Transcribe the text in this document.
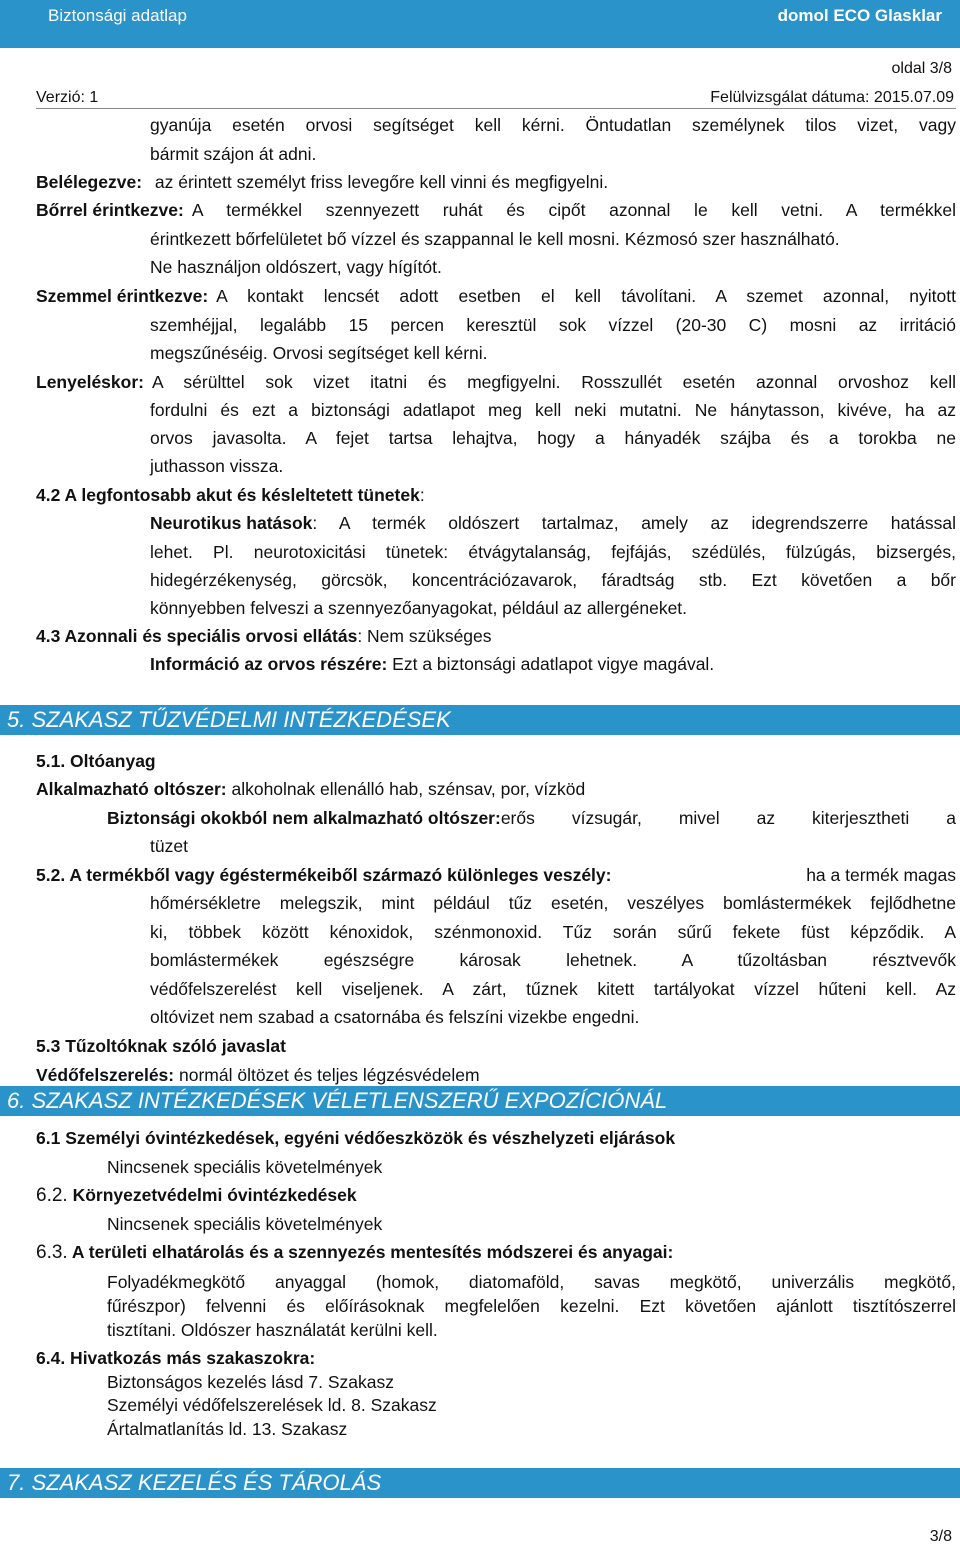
Biztonsági adatlap	domol ECO Glasklar
oldal 3/8
Verzió: 1	Felülvizsgálat dátuma: 2015.07.09
gyanúja esetén orvosi segítséget kell kérni. Öntudatlan személynek tilos vizet, vagy
bármit szájon át adni.
Belélegezve: az érintett személyt friss levegőre kell vinni és megfigyelni.
Bőrrel érintkezve: A termékkel szennyezett ruhát és cipőt azonnal le kell vetni. A termékkel
érintkezett bőrfelületet bő vízzel és szappannal le kell mosni. Kézmosó szer használható.
Ne használjon oldószert, vagy hígítót.
Szemmel érintkezve: A kontakt lencsét adott esetben el kell távolítani. A szemet azonnal, nyitott
szemhéjjal, legalább 15 percen keresztül sok vízzel (20-30 C) mosni az irritáció
megszűnéséig. Orvosi segítséget kell kérni.
Lenyeléskor: A sérülttel sok vizet itatni és megfigyelni. Rosszullét esetén azonnal orvoshoz kell
fordulni és ezt a biztonsági adatlapot meg kell neki mutatni. Ne hánytasson, kivéve, ha az
orvos javasolta. A fejet tartsa lehajtva, hogy a hányadék szájba és a torokba ne
juthasson vissza.
4.2 A legfontosabb akut és késleltetett tünetek:
Neurotikus hatások : A termék oldószert tartalmaz, amely az idegrendszerre hatással
lehet. Pl. neurotoxicitási tünetek: étvágytalanság, fejfájás, szédülés, fülzúgás, bizsergés,
hidegérzékenység, görcsök, koncentrációzavarok, fáradtság stb. Ezt követően a bőr
könnyebben felveszi a szennyezőanyagokat, például az allergéneket.
4.3 Azonnali és speciális orvosi ellátás: Nem szükséges
Információ az orvos részére: Ezt a biztonsági adatlapot vigye magával.
5. SZAKASZ TŰZVÉDELMI INTÉZKEDÉSEK
5.1. Oltóanyag
Alkalmazható oltószer: alkoholnak ellenálló hab, szénsav, por, vízköd
Biztonsági okokból nem alkalmazható oltószer: erős vízsugár, mivel az kiterjesztheti a
tüzet
5.2. A termékből vagy égéstermékeiből származó különleges veszély:	ha a termék magas
hőmérsékletre melegszik, mint például tűz esetén, veszélyes bomlástermékek fejlődhetne
ki, többek között kénoxidok, szénmonoxid. Tűz során sűrű fekete füst képződik. A
bomlástermékek egészségre károsak lehetnek. A tűzoltásban résztvevők
védőfelszerelést kell viseljenek. A zárt, tűznek kitett tartályokat vízzel hűteni kell. Az
oltóvizet nem szabad a csatornába és felszíni vizekbe engedni.
5.3 Tűzoltóknak szóló javaslat
Védőfelszerelés: normál öltözet és teljes légzésvédelem
6. SZAKASZ INTÉZKEDÉSEK VÉLETLENSZERŰ EXPOZÍCIÓNÁL
6.1 Személyi óvintézkedések, egyéni védőeszközök és vészhelyzeti eljárások
Nincsenek speciális követelmények
6.2. Környezetvédelmi óvintézkedések
Nincsenek speciális követelmények
6.3. A területi elhatárolás és a szennyezés mentesítés módszerei és anyagai:
Folyadékmegkötő anyaggal (homok, diatomaföld, savas megkötő, univerzális megkötő,
fűrészpor) felvenni és előírásoknak megfelelően kezelni. Ezt követően ajánlott tisztítószerrel
tisztítani. Oldószer használatát kerülni kell.
6.4. Hivatkozás más szakaszokra:
Biztonságos kezelés lásd 7. Szakasz
Személyi védőfelszerelések ld. 8. Szakasz
Ártalmatlanítás ld. 13. Szakasz
7. SZAKASZ KEZELÉS ÉS TÁROLÁS
3/8
